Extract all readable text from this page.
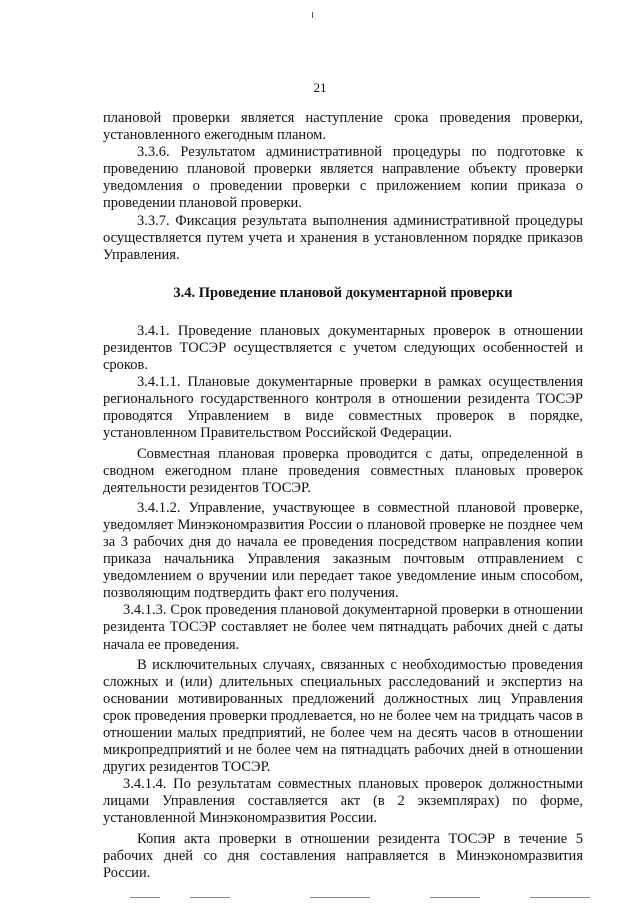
21

плановой проверки является наступление срока проведения проверки, установленного ежегодным планом.

3.3.6. Результатом административной процедуры по подготовке к проведению плановой проверки является направление объекту проверки уведомления о проведении проверки с приложением копии приказа о проведении плановой проверки.

3.3.7. Фиксация результата выполнения административной процедуры осуществляется путем учета и хранения в установленном порядке приказов Управления.

3.4. Проведение плановой документарной проверки

3.4.1. Проведение плановых документарных проверок в отношении резидентов ТОСЭР осуществляется с учетом следующих особенностей и сроков.

3.4.1.1. Плановые документарные проверки в рамках осуществления регионального государственного контроля в отношении резидента ТОСЭР проводятся Управлением в виде совместных проверок в порядке, установленном Правительством Российской Федерации.

Совместная плановая проверка проводится с даты, определенной в сводном ежегодном плане проведения совместных плановых проверок деятельности резидентов ТОСЭР.

3.4.1.2. Управление, участвующее в совместной плановой проверке, уведомляет Минэкономразвития России о плановой проверке не позднее чем за 3 рабочих дня до начала ее проведения посредством направления копии приказа начальника Управления заказным почтовым отправлением с уведомлением о вручении или передает такое уведомление иным способом, позволяющим подтвердить факт его получения.

3.4.1.3. Срок проведения плановой документарной проверки в отношении резидента ТОСЭР составляет не более чем пятнадцать рабочих дней с даты начала ее проведения.

В исключительных случаях, связанных с необходимостью проведения сложных и (или) длительных специальных расследований и экспертиз на основании мотивированных предложений должностных лиц Управления срок проведения проверки продлевается, но не более чем на тридцать часов в отношении малых предприятий, не более чем на десять часов в отношении микропредприятий и не более чем на пятнадцать рабочих дней в отношении других резидентов ТОСЭР.

3.4.1.4. По результатам совместных плановых проверок должностными лицами Управления составляется акт (в 2 экземплярах) по форме, установленной Минэкономразвития России.

Копия акта проверки в отношении резидента ТОСЭР в течение 5 рабочих дней со дня составления направляется в Минэкономразвития России.
